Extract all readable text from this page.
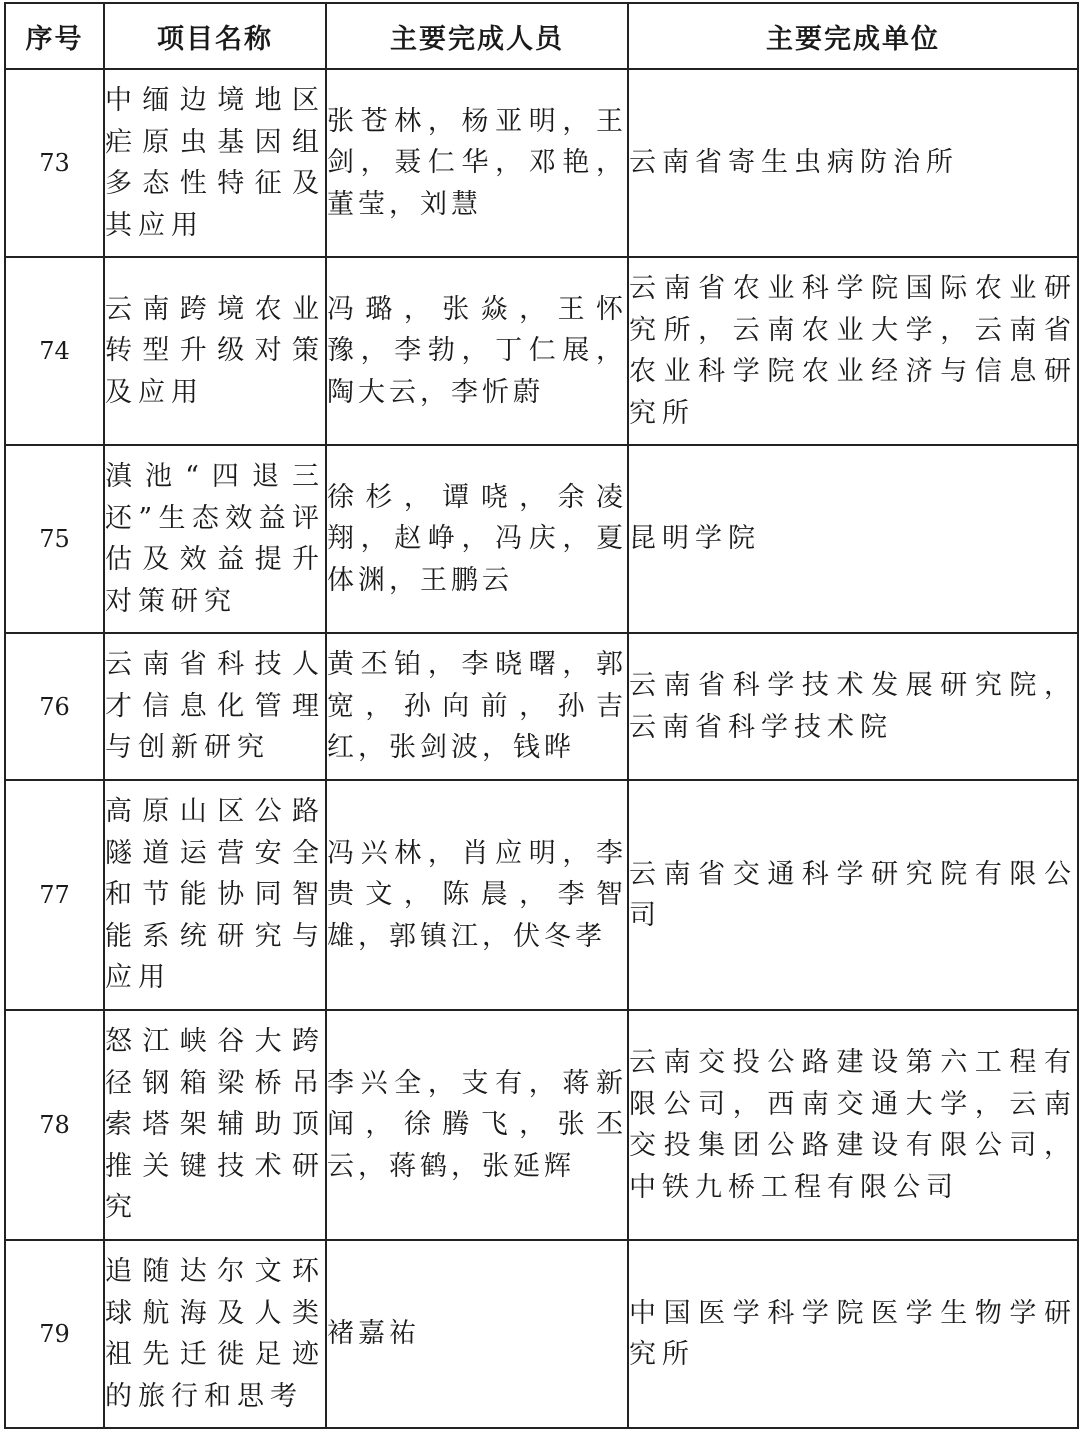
序号	项目名称	主要完成人员	主要完成单位
73	中缅边境地区疟原虫基因组多态性特征及其应用	张苍林，杨亚明，王剑，聂仁华，邓艳，董莹，刘慧	云南省寄生虫病防治所
74	云南跨境农业转型升级对策及应用	冯璐，张焱，王怀豫，李勃，丁仁展，陶大云，李忻蔚	云南省农业科学院国际农业研究所，云南农业大学，云南省农业科学院农业经济与信息研究所
75	滇池“四退三还”生态效益评估及效益提升对策研究	徐杉，谭哓，余凌翔，赵峥，冯庆，夏体渊，王鹏云	昆明学院
76	云南省科技人才信息化管理与创新研究	黄丕铂，李晓曙，郭宽，孙向前，孙吉红，张剑波，钱晔	云南省科学技术发展研究院，云南省科学技术院
77	高原山区公路隧道运营安全和节能协同智能系统研究与应用	冯兴林，肖应明，李贵文，陈晨，李智雄，郭镇江，伏冬孝	云南省交通科学研究院有限公司
78	怒江峡谷大跨径钢箱梁桥吊索塔架辅助顶推关键技术研究	李兴全，支有，蒋新闻，徐腾飞，张丕云，蒋鹤，张延辉	云南交投公路建设第六工程有限公司，西南交通大学，云南交投集团公路建设有限公司，中铁九桥工程有限公司
79	追随达尔文环球航海及人类祖先迁徙足迹的旅行和思考	褚嘉祐	中国医学科学院医学生物学研究所
